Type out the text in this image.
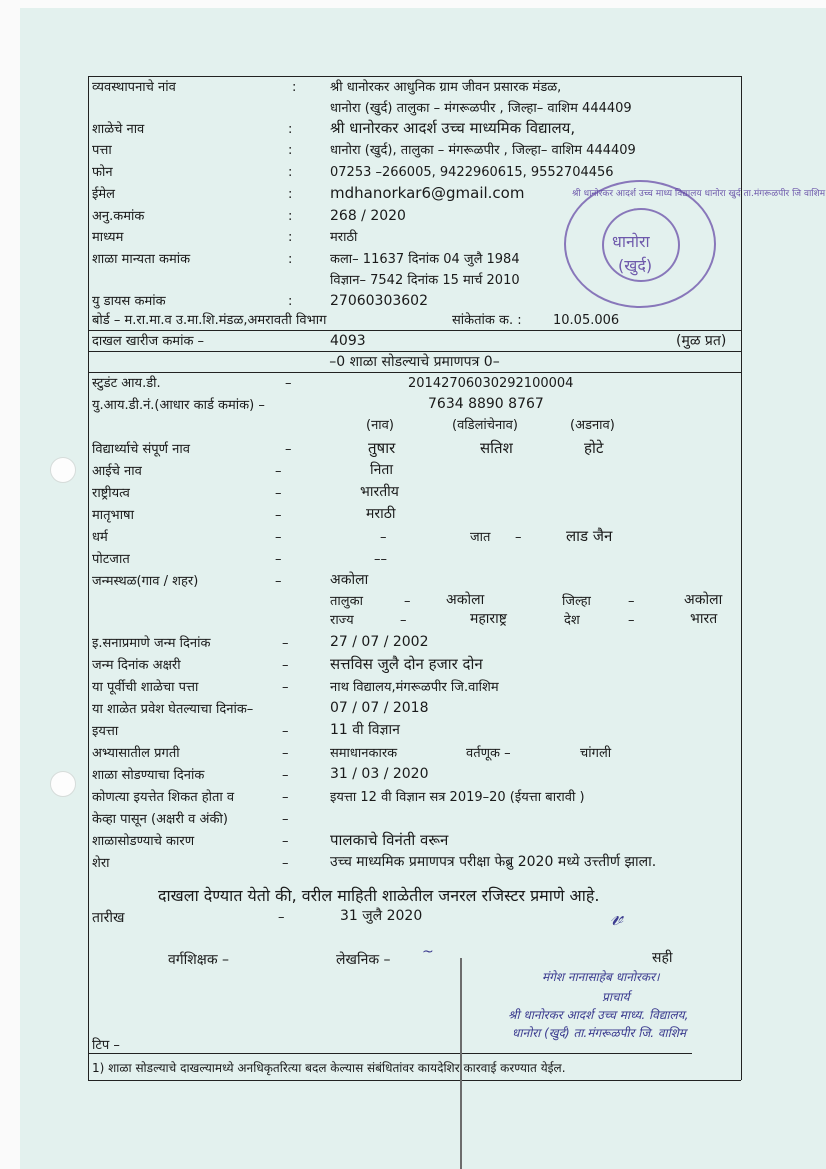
व्यवस्थापनाचे नांव	:	श्री धानोरकर आधुनिक ग्राम जीवन प्रसारक मंडळ,
धानोरा (खुर्द) तालुका – मंगरूळपीर , जिल्हा– वाशिम 444409
शाळेचे नाव	:	श्री धानोरकर आदर्श उच्च माध्यमिक विद्यालय,
पत्ता	:	धानोरा (खुर्द), तालुका – मंगरूळपीर , जिल्हा– वाशिम 444409
फोन	:	07253 –266005, 9422960615, 9552704456
ईमेल	:	mdhanorkar6@gmail.com
अनु.कमांक	:	268 / 2020
माध्यम	:	मराठी
शाळा मान्यता कमांक	:	कला– 11637 दिनांक 04 जुलै 1984
विज्ञान– 7542 दिनांक 15 मार्च 2010
यु डायस कमांक	:	27060303602
बोर्ड – म.रा.मा.व उ.मा.शि.मंडळ,अमरावती विभाग	सांकेतांक क. : 10.05.006
दाखल खारीज कमांक –	4093	(मुळ प्रत)
–0 शाळा सोडल्याचे प्रमाणपत्र 0–
स्टुडंट आय.डी.	–	20142706030292100004
यु.आय.डी.नं.(आधार कार्ड कमांक) –	7634 8890 8767
(नाव)	(वडिलांचेनाव)	(अडनाव)
विद्यार्थ्याचे संपूर्ण नाव	–	तुषार	सतिश	होटे
आईचे नाव	–	निता
राष्ट्रीयत्व	–	भारतीय
मातृभाषा	–	मराठी
धर्म	–	–	जात –	लाड जैन
पोटजात	–	––
जन्मस्थळ(गाव / शहर)	–	अकोला
तालुका	–	अकोला	जिल्हा	–	अकोला
राज्य	–	महाराष्ट्र	देश	–	भारत
इ.सनाप्रमाणे जन्म दिनांक	–	27 / 07 / 2002
जन्म दिनांक अक्षरी	–	सत्तविस जुलै दोन हजार दोन
या पूर्वीची शाळेचा पत्ता	–	नाथ विद्यालय,मंगरूळपीर जि.वाशिम
या शाळेत प्रवेश घेतल्याचा दिनांक–	07 / 07 / 2018
इयत्ता	–	11 वी विज्ञान
अभ्यासातील प्रगती	–	समाधानकारक	वर्तणूक –	चांगली
शाळा सोडण्याचा दिनांक	–	31 / 03 / 2020
कोणत्या इयत्तेत शिकत होता व	–	इयत्ता 12 वी विज्ञान सत्र 2019–20 (ईयत्ता बारावी )
केव्हा पासून (अक्षरी व अंकी)	–
शाळासोडण्याचे कारण	–	पालकाचे विनंती वरून
शेरा	–	उच्च माध्यमिक प्रमाणपत्र परीक्षा फेब्रु 2020 मध्ये उत्त्तीर्ण झाला.
दाखला देण्यात येतो की, वरील माहिती शाळेतील जनरल रजिस्टर प्रमाणे आहे.
तारीख	–	31 जुलै 2020
वर्गशिक्षक –	लेखनिक – ~	सही
𝓋
मंगेश नानासाहेब धानोरकर।
प्राचार्य
श्री धानोरकर आदर्श उच्च माध्य. विद्यालय,
धानोरा (खुर्द) ता.मंगरूळपीर जि. वाशिम
श्री धानोरकर आदर्श उच्च माध्य विद्यालय धानोरा खुर्द ता.मंगरूळपीर जि वाशिम
धानोरा
(खुर्द)
टिप –
1) शाळा सोडल्याचे दाखल्यामध्ये अनधिकृतरित्या बदल केल्यास संबंधितांवर कायदेशिर कारवाई करण्यात येईल.
